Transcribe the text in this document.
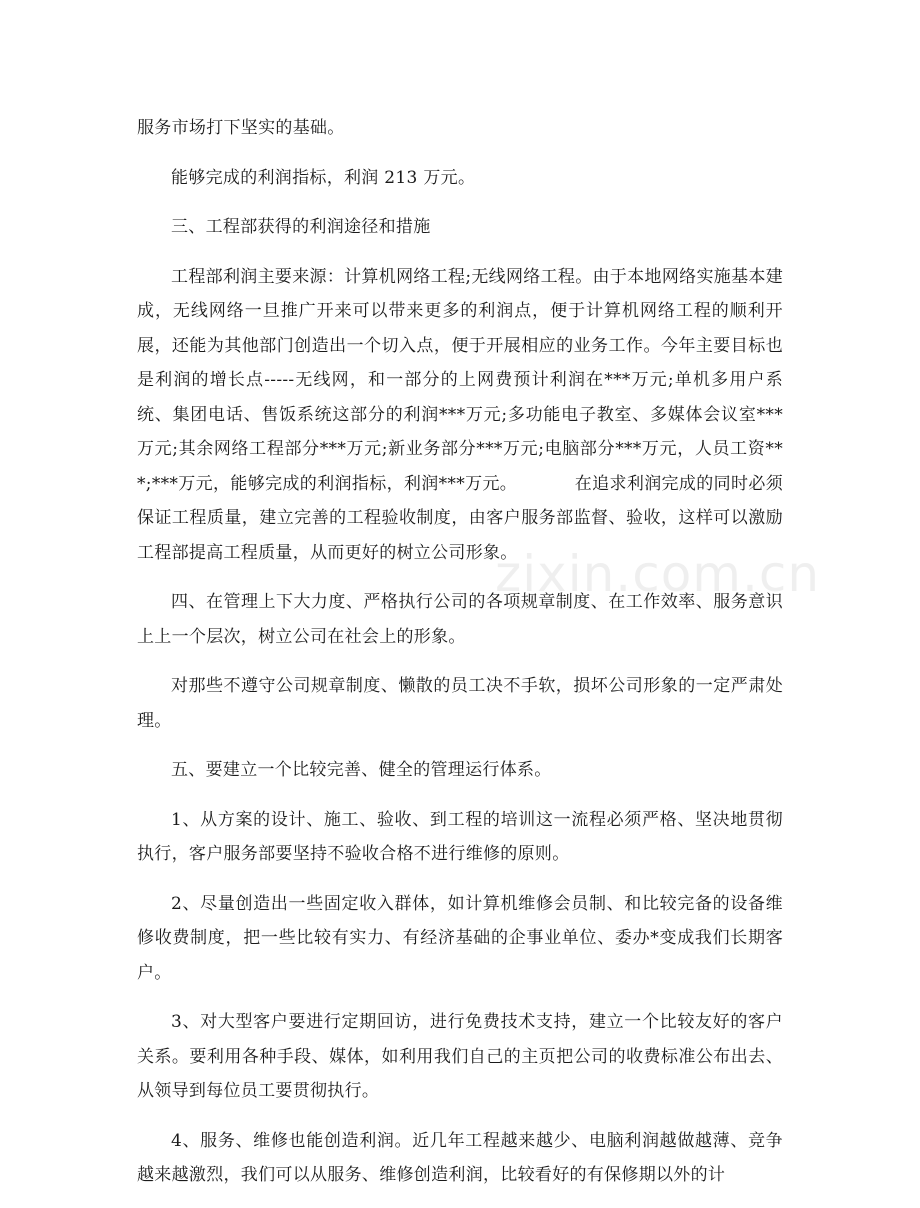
服务市场打下坚实的基础。

能够完成的利润指标，利润 213 万元。

三、工程部获得的利润途径和措施

工程部利润主要来源：计算机网络工程;无线网络工程。由于本地网络实施基本建成，无线网络一旦推广开来可以带来更多的利润点，便于计算机网络工程的顺利开展，还能为其他部门创造出一个切入点，便于开展相应的业务工作。今年主要目标也是利润的增长点-----无线网，和一部分的上网费预计利润在***万元;单机多用户系统、集团电话、售饭系统这部分的利润***万元;多功能电子教室、多媒体会议室***万元;其余网络工程部分***万元;新业务部分***万元;电脑部分***万元，人员工资***;***万元，能够完成的利润指标，利润***万元。          在追求利润完成的同时必须保证工程质量，建立完善的工程验收制度，由客户服务部监督、验收，这样可以激励工程部提高工程质量，从而更好的树立公司形象。

四、在管理上下大力度、严格执行公司的各项规章制度、在工作效率、服务意识上上一个层次，树立公司在社会上的形象。

对那些不遵守公司规章制度、懒散的员工决不手软，损坏公司形象的一定严肃处理。

五、要建立一个比较完善、健全的管理运行体系。

1、从方案的设计、施工、验收、到工程的培训这一流程必须严格、坚决地贯彻执行，客户服务部要坚持不验收合格不进行维修的原则。

2、尽量创造出一些固定收入群体，如计算机维修会员制、和比较完备的设备维修收费制度，把一些比较有实力、有经济基础的企事业单位、委办*变成我们长期客户。

3、对大型客户要进行定期回访，进行免费技术支持，建立一个比较友好的客户关系。要利用各种手段、媒体，如利用我们自己的主页把公司的收费标准公布出去、从领导到每位员工要贯彻执行。

4、服务、维修也能创造利润。近几年工程越来越少、电脑利润越做越薄、竞争越来越激烈，我们可以从服务、维修创造利润，比较看好的有保修期以外的计

zixin.com.cn
